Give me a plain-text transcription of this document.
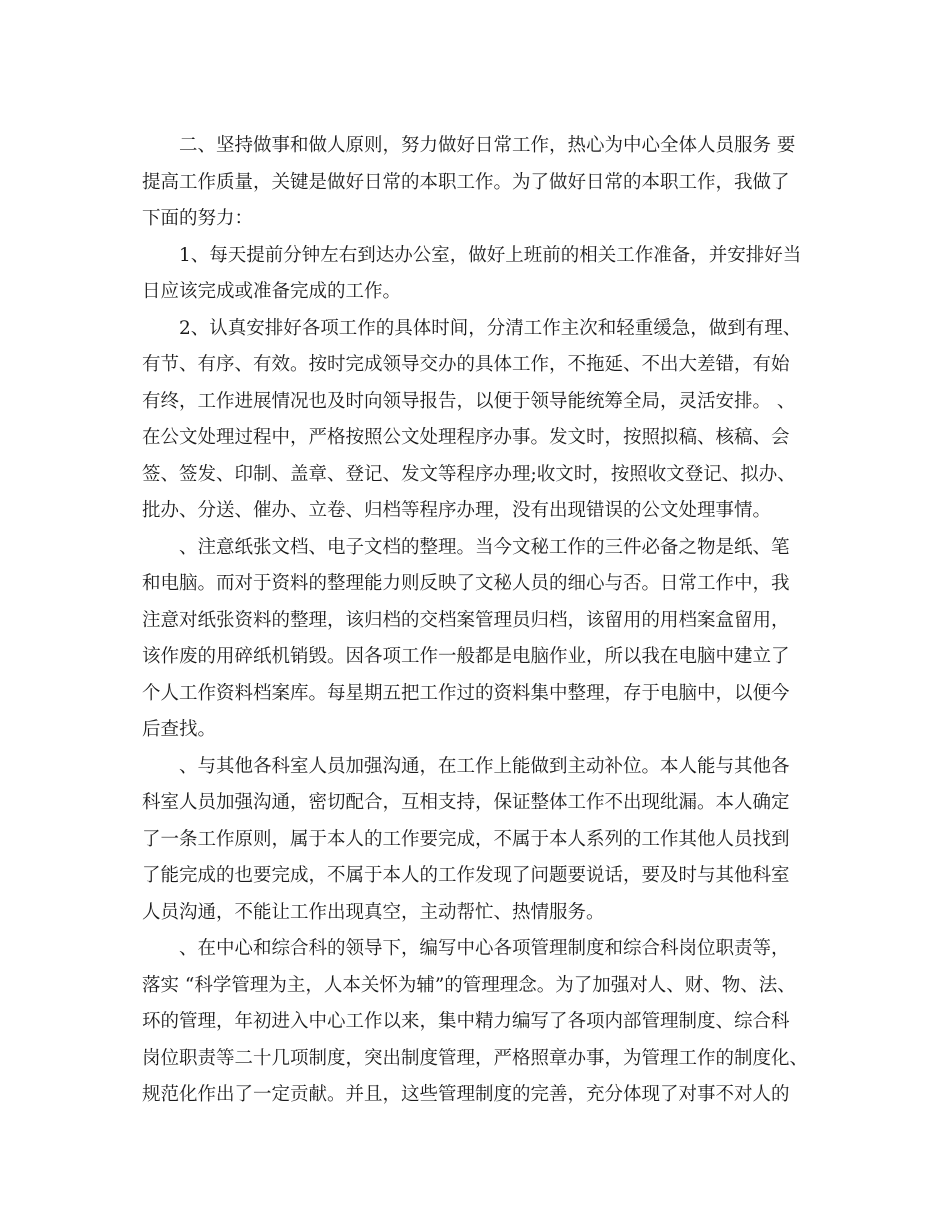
二、坚持做事和做人原则，努力做好日常工作，热心为中心全体人员服务 要
提高工作质量，关键是做好日常的本职工作。为了做好日常的本职工作，我做了
下面的努力：
1、每天提前分钟左右到达办公室，做好上班前的相关工作准备，并安排好当
日应该完成或准备完成的工作。
2、认真安排好各项工作的具体时间，分清工作主次和轻重缓急，做到有理、
有节、有序、有效。按时完成领导交办的具体工作，不拖延、不出大差错，有始
有终，工作进展情况也及时向领导报告，以便于领导能统筹全局，灵活安排。 、
在公文处理过程中，严格按照公文处理程序办事。发文时，按照拟稿、核稿、会
签、签发、印制、盖章、登记、发文等程序办理;收文时，按照收文登记、拟办、
批办、分送、催办、立卷、归档等程序办理，没有出现错误的公文处理事情。
、注意纸张文档、电子文档的整理。当今文秘工作的三件必备之物是纸、笔
和电脑。而对于资料的整理能力则反映了文秘人员的细心与否。日常工作中，我
注意对纸张资料的整理，该归档的交档案管理员归档，该留用的用档案盒留用，
该作废的用碎纸机销毁。因各项工作一般都是电脑作业，所以我在电脑中建立了
个人工作资料档案库。每星期五把工作过的资料集中整理，存于电脑中，以便今
后查找。
、与其他各科室人员加强沟通，在工作上能做到主动补位。本人能与其他各
科室人员加强沟通，密切配合，互相支持，保证整体工作不出现纰漏。本人确定
了一条工作原则，属于本人的工作要完成，不属于本人系列的工作其他人员找到
了能完成的也要完成，不属于本人的工作发现了问题要说话，要及时与其他科室
人员沟通，不能让工作出现真空，主动帮忙、热情服务。
、在中心和综合科的领导下，编写中心各项管理制度和综合科岗位职责等，
落实 “科学管理为主，人本关怀为辅”的管理理念。为了加强对人、财、物、法、
环的管理，年初进入中心工作以来，集中精力编写了各项内部管理制度、综合科
岗位职责等二十几项制度，突出制度管理，严格照章办事，为管理工作的制度化、
规范化作出了一定贡献。并且，这些管理制度的完善，充分体现了对事不对人的
